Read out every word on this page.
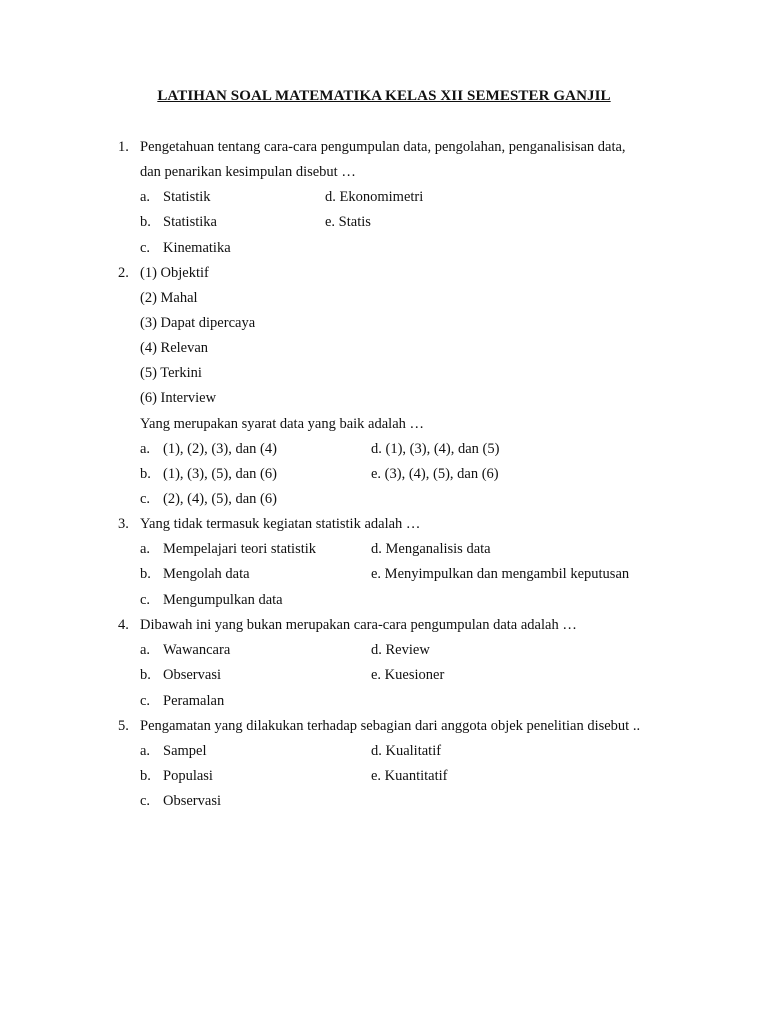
LATIHAN SOAL MATEMATIKA KELAS XII SEMESTER GANJIL
1. Pengetahuan tentang cara-cara pengumpulan data, pengolahan, penganalisisan data,
dan penarikan kesimpulan disebut …
a. Statistik	d. Ekonomimetri
b. Statistika	e. Statis
c. Kinematika
2. (1) Objektif
(2) Mahal
(3) Dapat dipercaya
(4) Relevan
(5) Terkini
(6) Interview
Yang merupakan syarat data yang baik adalah …
a. (1), (2), (3), dan (4)	d. (1), (3), (4), dan (5)
b. (1), (3), (5), dan (6)	e. (3), (4), (5), dan (6)
c. (2), (4), (5), dan (6)
3. Yang tidak termasuk kegiatan statistik adalah …
a. Mempelajari teori statistik	d. Menganalisis data
b. Mengolah data	e. Menyimpulkan dan mengambil keputusan
c. Mengumpulkan data
4. Dibawah ini yang bukan merupakan cara-cara pengumpulan data adalah …
a. Wawancara	d. Review
b. Observasi	e. Kuesioner
c. Peramalan
5. Pengamatan yang dilakukan terhadap sebagian dari anggota objek penelitian disebut ..
a. Sampel	d. Kualitatif
b. Populasi	e. Kuantitatif
c. Observasi
